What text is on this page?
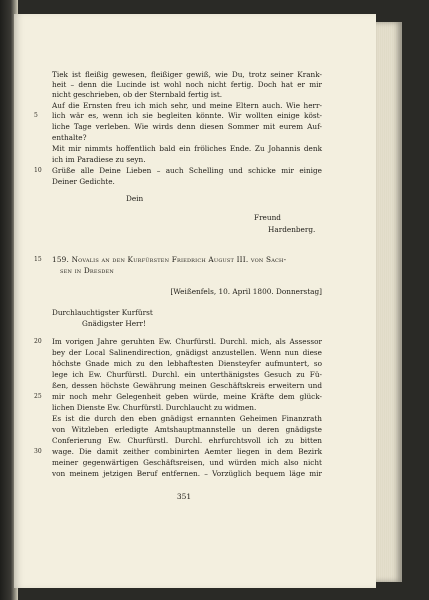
Tiek ist fleißig gewesen, fleißiger gewiß, wie Du, trotz seiner Krank-
heit – denn die Lucinde ist wohl noch nicht fertig. Doch hat er mir
nicht geschrieben, ob der Sternbald fertig ist.
Auf die Ernsten freu ich mich sehr, und meine Eltern auch. Wie herr-
5	lich wär es, wenn ich sie begleiten könnte. Wir wollten einige köst-
liche Tage verleben. Wie wirds denn diesen Sommer mit eurem Auf-
enthalte?
Mit mir nimmts hoffentlich bald ein fröliches Ende. Zu Johannis denk
ich im Paradiese zu seyn.
10	Grüße alle Deine Lieben – auch Schelling und schicke mir einige
Deiner Gedichte.
Dein
Freund
Hardenberg.
15	159. Novalis an den Kurfürsten Friedrich August III. von Sach-
sen in Dresden
[Weißenfels, 10. April 1800. Donnerstag]
Durchlauchtigster Kurfürst
Gnädigster Herr!
20	Im vorigen Jahre geruhten Ew. Churfürstl. Durchl. mich, als Assessor
bey der Local Salinendirection, gnädigst anzustellen. Wenn nun diese
höchste Gnade mich zu den lebhaftesten Diensteyfer aufmuntert, so
lege ich Ew. Churfürstl. Durchl. ein unterthänigstes Gesuch zu Fü-
ßen, dessen höchste Gewährung meinen Geschäftskreis erweitern und
25	mir noch mehr Gelegenheit geben würde, meine Kräfte dem glück-
lichen Dienste Ew. Churfürstl. Durchlaucht zu widmen.
Es ist die durch den eben gnädigst ernannten Geheimen Finanzrath
von Witzleben erledigte Amtshauptmannstelle un deren gnädigste
Conferierung Ew. Churfürstl. Durchl. ehrfurchtsvoll ich zu bitten
30	wage. Die damit zeither combinirten Aemter liegen in dem Bezirk
meiner gegenwärtigen Geschäftsreisen, und würden mich also nicht
von meinem jetzigen Beruf entfernen. – Vorzüglich bequem läge mir
351
